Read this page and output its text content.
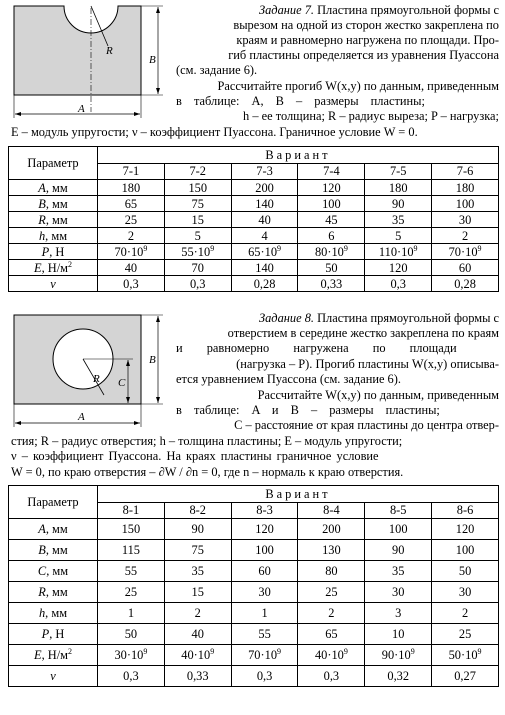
R
B
A

Задание 7. Пластина прямоугольной формы с

вырезом на одной из сторон жестко закреплена по

краям и равномерно нагружена по площади. Про-

гиб пластины определяется из уравнения Пуассона

(см. задание 6).

Рассчитайте прогиб W(x,y) по данным, приведенным

в таблице: A, B – размеры пластины;

h – ее толщина; R – радиус выреза; P – нагрузка;

E – модуль упругости; ν – коэффициент Пуассона. Граничное условие W = 0.

Параметр	Вариант					
	7-1	7-2	7-3	7-4	7-5	7-6
A, мм	180	150	200	120	180	180
B, мм	65	75	140	100	90	100
R, мм	25	15	40	45	35	30
h, мм	2	5	4	6	5	2
P, Н	$70\cdot 10^9$	$55\cdot 10^9$	$65\cdot 10^9$	$80\cdot 10^9$	$110\cdot 10^9$	$70\cdot 10^9$
E, $Н/м^2$	40	70	140	50	120	60
ν	0,3	0,3	0,28	0,33	0,3	0,28
R C
B
A

Задание 8. Пластина прямоугольной формы с

отверстием в середине жестко закреплена по краям

и равномерно нагружена по площади

(нагрузка – P). Прогиб пластины W(x,y) описыва-

ется уравнением Пуассона (см. задание 6).

Рассчитайте W(x,y) по данным, приведенным

в таблице: A и B – размеры пластины;

C – расстояние от края пластины до центра отвер-

стия; R – радиус отверстия; h – толщина пластины; E – модуль упругости;

ν – коэффициент Пуассона. На краях пластины граничное условие

W = 0, по краю отверстия – ∂W / ∂n = 0, где n – нормаль к краю отверстия.

Параметр	Вариант					
	8-1	8-2	8-3	8-4	8-5	8-6
A, мм	150	90	120	200	100	120
B, мм	115	75	100	130	90	100
C, мм	55	35	60	80	35	50
R, мм	25	15	30	25	30	30
h, мм	1	2	1	2	3	2
P, Н	50	40	55	65	10	25
E, $Н/м^2$	$30\cdot 10^9$	$40\cdot 10^9$	$70\cdot 10^9$	$40\cdot 10^9$	$90\cdot 10^9$	$50\cdot 10^9$
ν	0,3	0,33	0,3	0,3	0,32	0,27
